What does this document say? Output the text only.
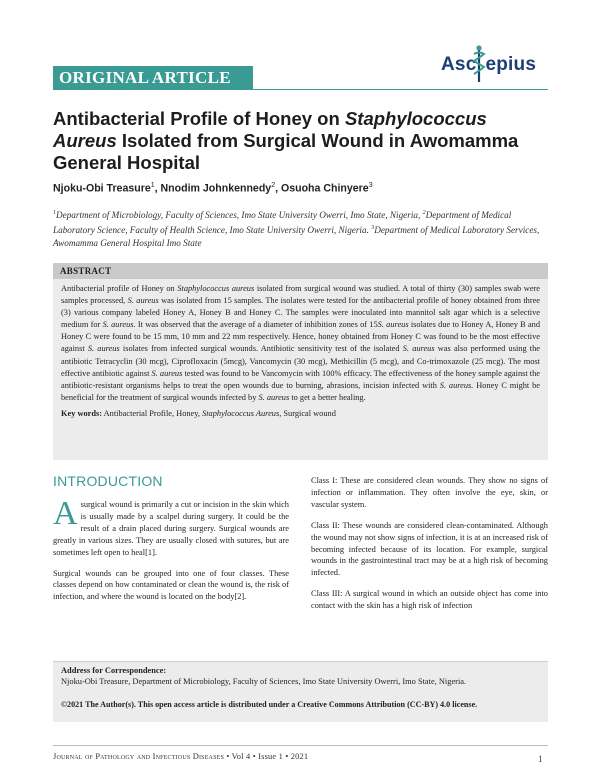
ORIGINAL ARTICLE
Asc epius
Antibacterial Profile of Honey on Staphylococcus Aureus Isolated from Surgical Wound in Awomamma General Hospital
Njoku-Obi Treasure$^1$, Nnodim Johnkennedy$^2$, Osuoha Chinyere$^3$
$^1$Department of Microbiology, Faculty of Sciences, Imo State University Owerri, Imo State, Nigeria, $^2$Department of Medical Laboratory Science, Faculty of Health Science, Imo State University Owerri, Nigeria. $^3$Department of Medical Laboratory Services, Awomamma General Hospital Imo State
ABSTRACT
Antibacterial profile of Honey on Staphylococcus aureus isolated from surgical wound was studied. A total of thirty (30) samples swab were samples processed, S. aureus was isolated from 15 samples. The isolates were tested for the antibacterial profile of honey obtained from three (3) various company labeled Honey A, Honey B and Honey C. The samples were inoculated into mannitol salt agar which is a selective medium for S. aureus. It was observed that the average of a diameter of inhibition zones of 15S. aureus isolates due to Honey A, Honey B and Honey C were found to be 15 mm, 10 mm and 22 mm respectively. Hence, honey obtained from Honey C was found to be the most effective against S. aureus isolates from infected surgical wounds. Antibiotic sensitivity test of the isolated S. aureus was also performed using the antibiotic Tetracyclin (30 mcg), Ciprofloxacin (5mcg), Vancomycin (30 mcg), Methicillin (5 mcg), and Co-trimoxazole (25 mcg). The most effective antibiotic against S. aureus tested was found to be Vancomycin with 100% efficacy. The effectiveness of the honey sample against the antibiotic-resistant organisms helps to treat the open wounds due to burning, abrasions, incision infected with S. aureus. Honey C might be beneficial for the treatment of surgical wounds infected by S. aureus to get a better healing.
Key words: Antibacterial Profile, Honey, Staphylococcus Aureus, Surgical wound
INTRODUCTION

Asurgical wound is primarily a cut or incision in the skin which is usually made by a scalpel during surgery. It could be the result of a drain placed during surgery. Surgical wounds are greatly in various sizes. They are usually closed with sutures, but are sometimes left open to heal[1].

Surgical wounds can be grouped into one of four classes. These classes depend on how contaminated or clean the wound is, the risk of infection, and where the wound is located on the body[2].

Class I: These are considered clean wounds. They show no signs of infection or inflammation. They often involve the eye, skin, or vascular system.

Class II: These wounds are considered clean-contaminated. Although the wound may not show signs of infection, it is at an increased risk of becoming infected because of its location. For example, surgical wounds in the gastrointestinal tract may be at a high risk of becoming infected.

Class III: A surgical wound in which an outside object has come into contact with the skin has a high risk of infection

Address for Correspondence:
Njoku-Obi Treasure, Department of Microbiology, Faculty of Sciences, Imo State University Owerri, Imo State, Nigeria.
©2021 The Author(s). This open access article is distributed under a Creative Commons Attribution (CC-BY) 4.0 license.
Journal of Pathology and Infectious Diseases • Vol 4 • Issue 1 • 2021	1
